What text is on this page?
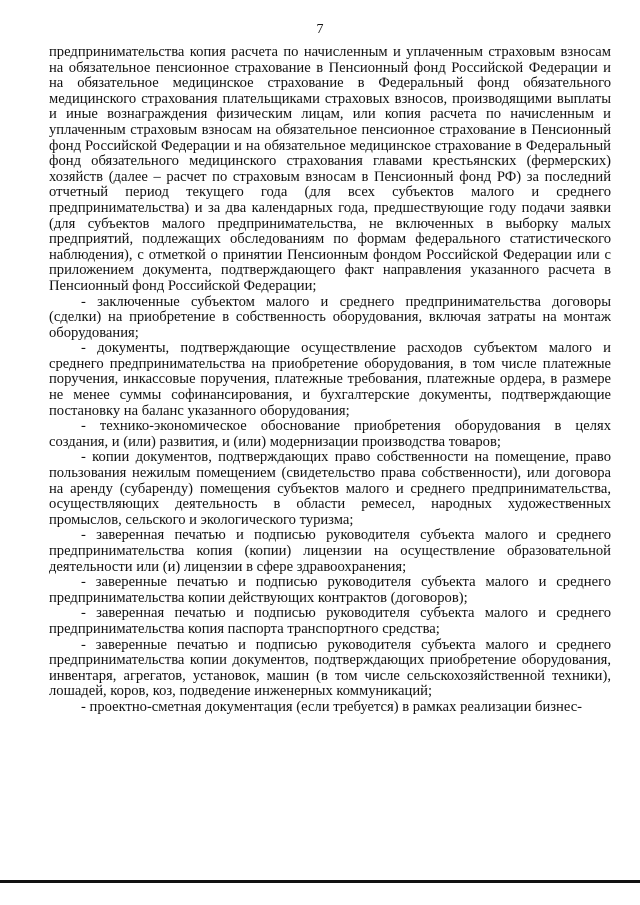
7

предпринимательства копия расчета по начисленным и уплаченным страховым взносам на обязательное пенсионное страхование в Пенсионный фонд Российской Федерации и на обязательное медицинское страхование в Федеральный фонд обязательного медицинского страхования плательщиками страховых взносов, производящими выплаты и иные вознаграждения физическим лицам, или копия расчета по начисленным и уплаченным страховым взносам на обязательное пенсионное страхование в Пенсионный фонд Российской Федерации и на обязательное медицинское страхование в Федеральный фонд обязательного медицинского страхования главами крестьянских (фермерских) хозяйств (далее – расчет по страховым взносам в Пенсионный фонд РФ) за последний отчетный период текущего года (для всех субъектов малого и среднего предпринимательства) и за два календарных года, предшествующие году подачи заявки (для субъектов малого предпринимательства, не включенных в выборку малых предприятий, подлежащих обследованиям по формам федерального статистического наблюдения), с отметкой о принятии Пенсионным фондом Российской Федерации или с приложением документа, подтверждающего факт направления указанного расчета в Пенсионный фонд Российской Федерации;

- заключенные субъектом малого и среднего предпринимательства договоры (сделки) на приобретение в собственность оборудования, включая затраты на монтаж оборудования;

- документы, подтверждающие осуществление расходов субъектом малого и среднего предпринимательства на приобретение оборудования, в том числе платежные поручения, инкассовые поручения, платежные требования, платежные ордера, в размере не менее суммы софинансирования, и бухгалтерские документы, подтверждающие постановку на баланс указанного оборудования;

- технико-экономическое обоснование приобретения оборудования в целях создания, и (или) развития, и (или) модернизации производства товаров;

- копии документов, подтверждающих право собственности на помещение, право пользования нежилым помещением (свидетельство права собственности), или договора на аренду (субаренду) помещения субъектов малого и среднего предпринимательства, осуществляющих деятельность в области ремесел, народных художественных промыслов, сельского и экологического туризма;

- заверенная печатью и подписью руководителя субъекта малого и среднего предпринимательства копия (копии) лицензии на осуществление образовательной деятельности или (и) лицензии в сфере здравоохранения;

- заверенные печатью и подписью руководителя субъекта малого и среднего предпринимательства копии действующих контрактов (договоров);

- заверенная печатью и подписью руководителя субъекта малого и среднего предпринимательства копия паспорта транспортного средства;

- заверенные печатью и подписью руководителя субъекта малого и среднего предпринимательства копии документов, подтверждающих приобретение оборудования, инвентаря, агрегатов, установок, машин (в том числе сельскохозяйственной техники), лошадей, коров, коз, подведение инженерных коммуникаций;

- проектно-сметная документация (если требуется) в рамках реализации бизнес-
